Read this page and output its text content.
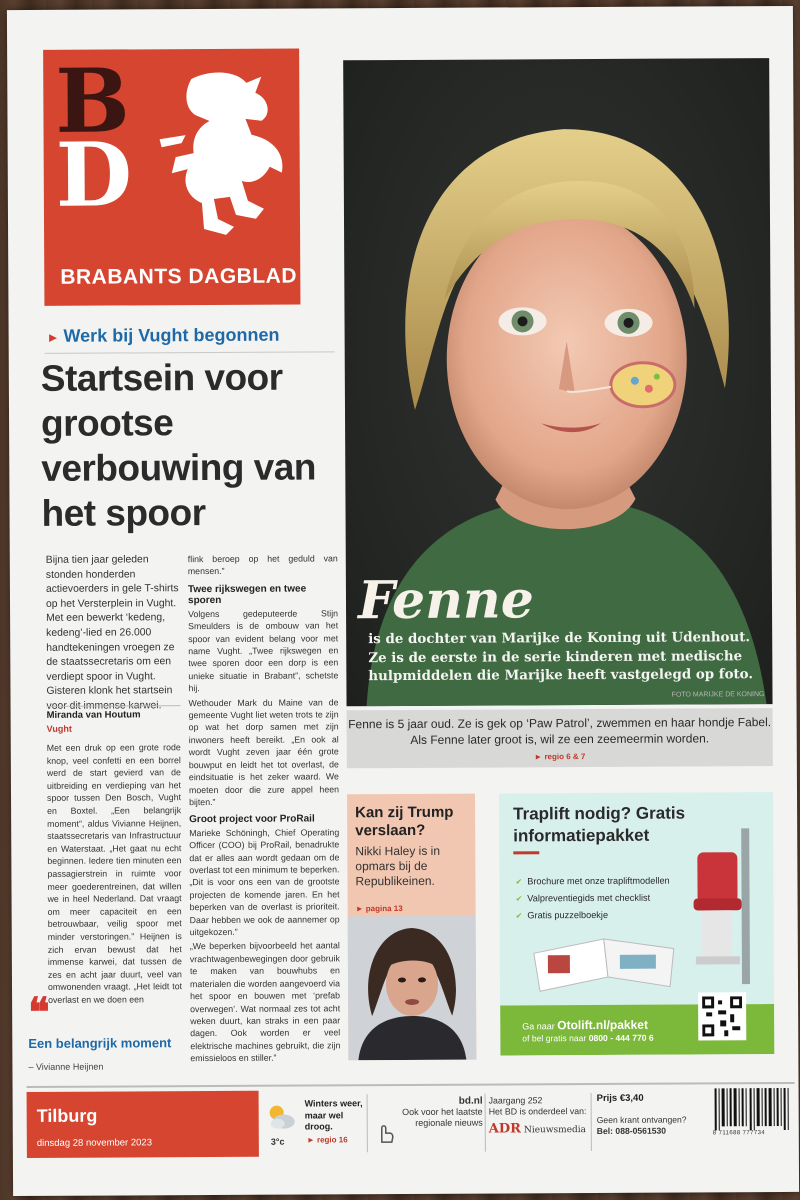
B
D
BRABANTS DAGBLAD
Fenne
is de dochter van Marijke de Koning uit Udenhout. Ze is de eerste in de serie kinderen met medische hulpmiddelen die Marijke heeft vastgelegd op foto.
FOTO MARIJKE DE KONING
Fenne is 5 jaar oud. Ze is gek op ‘Paw Patrol’, zwemmen en haar hondje Fabel. Als Fenne later groot is, wil ze een zeemeermin worden.
► regio 6 & 7
► Werk bij Vught begonnen
Startsein voor grootse verbouwing van het spoor
Bijna tien jaar geleden stonden honderden actievoerders in gele T-shirts op het Versterplein in Vught. Met een bewerkt ‘kedeng, kedeng’-lied en 26.000 handtekeningen vroegen ze de staatssecretaris om een verdiept spoor in Vught. Gisteren klonk het startsein voor dit immense karwei.
Miranda van Houtum
Vught
Met een druk op een grote rode knop, veel confetti en een borrel werd de start gevierd van de uitbreiding en verdieping van het spoor tussen Den Bosch, Vught en Boxtel. „Een belangrijk moment”, aldus Vivianne Heijnen, staatssecretaris van Infrastructuur en Waterstaat. „Het gaat nu echt beginnen. Iedere tien minuten een passagierstrein in ruimte voor meer goederentreinen, dat willen we in heel Nederland. Dat vraagt om meer capaciteit en een betrouwbaar, veilig spoor met minder verstoringen.” Heijnen is zich ervan bewust dat het immense karwei, dat tussen de zes en acht jaar duurt, veel van omwonenden vraagt. „Het leidt tot overlast en we doen een
❝
Een belangrijk moment
– Vivianne Heijnen

flink beroep op het geduld van mensen.”

Twee rijkswegen en twee sporen

Volgens gedeputeerde Stijn Smeulders is de ombouw van het spoor van evident belang voor met name Vught. „Twee rijkswegen en twee sporen door een dorp is een unieke situatie in Brabant”, schetste hij.

Wethouder Mark du Maine van de gemeente Vught liet weten trots te zijn op wat het dorp samen met zijn inwoners heeft bereikt. „En ook al wordt Vught zeven jaar één grote bouwput en leidt het tot overlast, de eindsituatie is het zeker waard. We moeten door die zure appel heen bijten.”

Groot project voor ProRail

Marieke Schöningh, Chief Operating Officer (COO) bij ProRail, benadrukte dat er alles aan wordt gedaan om de overlast tot een minimum te beperken. „Dit is voor ons een van de grootste projecten de komende jaren. En het beperken van de overlast is prioriteit. Daar hebben we ook de aannemer op uitgekozen.”

„We beperken bijvoorbeeld het aantal vrachtwagenbewegingen door gebruik te maken van bouwhubs en materialen die worden aangevoerd via het spoor en bouwen met ‘prefab overwegen’. Wat normaal zes tot acht weken duurt, kan straks in een paar dagen. Ook worden er veel elektrische machines gebruikt, die zijn emissieloos en stiller.”

Kan zij Trump verslaan?
Nikki Haley is in opmars bij de Republikeinen.
► pagina 13
Traplift nodig? Gratis informatiepakket
✔ Brochure met onze trapliftmodellen
✔ Valpreventiegids met checklist
✔ Gratis puzzelboekje
Ga naar Otolift.nl/pakket
of bel gratis naar 0800 - 444 770 6
Tilburg
dinsdag 28 november 2023	3°c
Winters weer, maar wel droog.
► regio 16
bd.nl
Ook voor het laatste regionale nieuws
Jaargang 252
Het BD is onderdeel van:
ADR Nieuwsmedia
Prijs €3,40
Geen krant ontvangen?
Bel: 088-0561530	8 711688 777734
